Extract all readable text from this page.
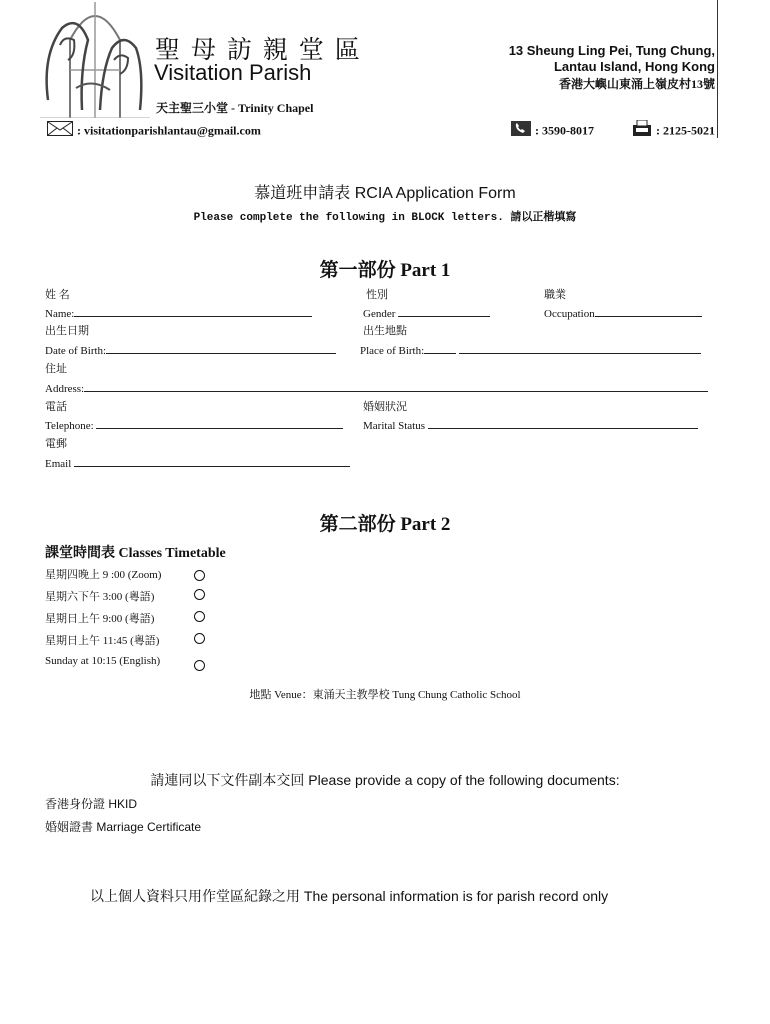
聖 母 訪 親 堂 區
Visitation Parish
天主聖三小堂 - Trinity Chapel
: visitationparishlantau@gmail.com
13 Sheung Ling Pei, Tung Chung,
Lantau Island, Hong Kong
香港大嶼山東涌上嶺皮村13號
: 3590-8017	: 2125-5021
慕道班申請表 RCIA Application Form
Please complete the following in BLOCK letters. 請以正楷填寫
第一部份 Part 1
姓 名	性別	職業
Name:	Gender	Occupation
出生日期	出生地點
Date of Birth:	Place of Birth:
住址
Address:
電話	婚姻狀況
Telephone:	Marital Status
電郵
Email
第二部份 Part 2
課堂時間表 Classes Timetable
星期四晚上 9 :00 (Zoom)
星期六下午 3:00 (粵語)
星期日上午 9:00 (粵語)
星期日上午 11:45 (粵語)
Sunday at 10:15 (English)
地點 Venue：東涌天主教學校 Tung Chung Catholic School
請連同以下文件副本交回 Please provide a copy of the following documents:
香港身份證 HKID
婚姻證書 Marriage Certificate
以上個人資料只用作堂區紀錄之用 The personal information is for parish record only
